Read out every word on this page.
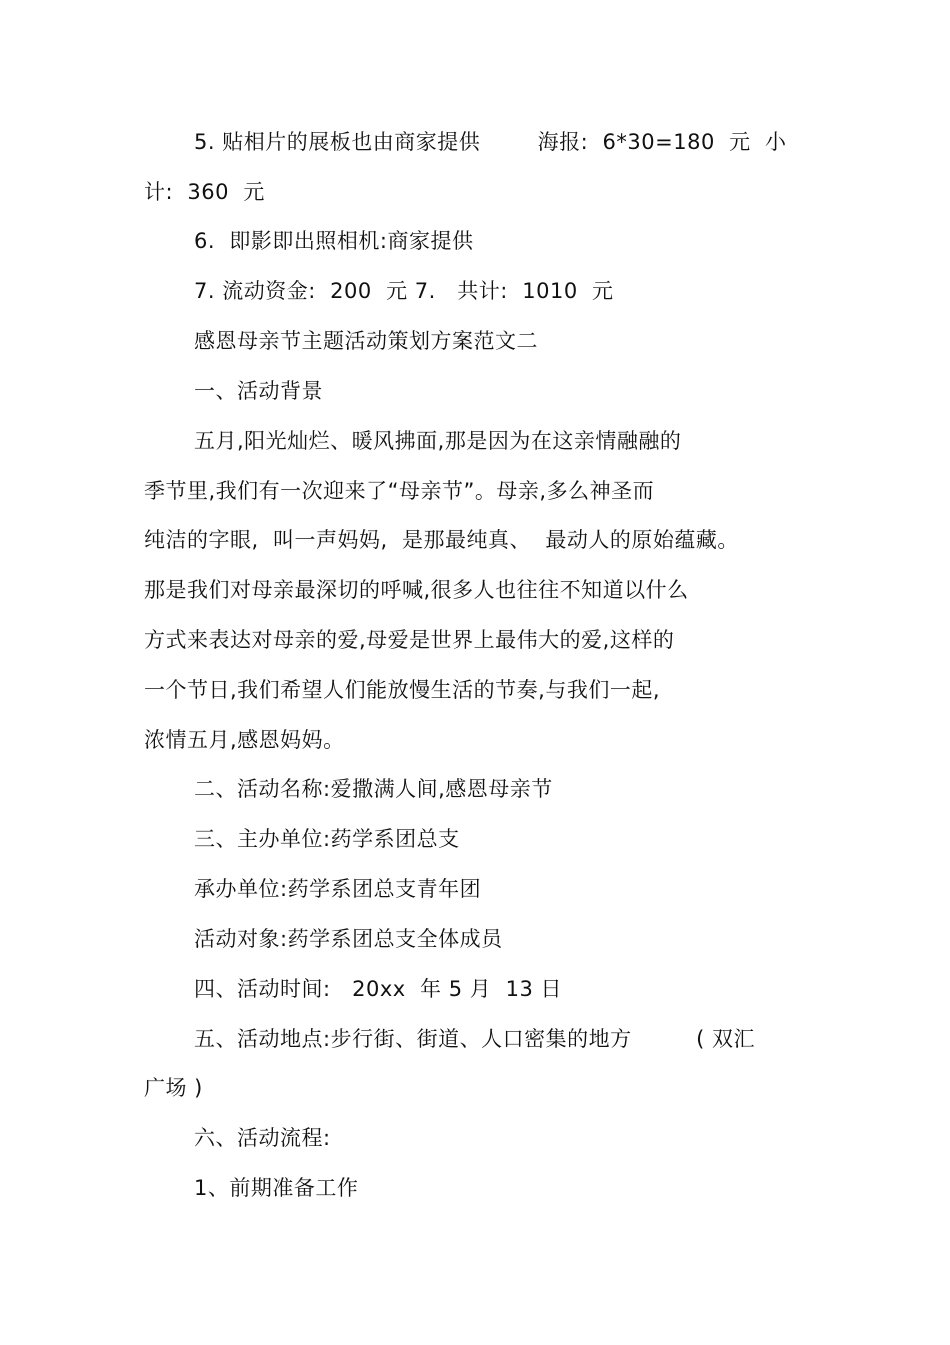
5. 贴相片的展板也由商家提供        海报:  6*30=180  元  小
计:  360  元
6.  即影即出照相机:商家提供
7. 流动资金:  200  元 7.   共计:  1010  元
感恩母亲节主题活动策划方案范文二
一、活动背景
五月,阳光灿烂、暖风拂面,那是因为在这亲情融融的
季节里,我们有一次迎来了“母亲节”。母亲,多么神圣而
纯洁的字眼,  叫一声妈妈,  是那最纯真、  最动人的原始蕴藏。
那是我们对母亲最深切的呼喊,很多人也往往不知道以什么
方式来表达对母亲的爱,母爱是世界上最伟大的爱,这样的
一个节日,我们希望人们能放慢生活的节奏,与我们一起,
浓情五月,感恩妈妈。
二、活动名称:爱撒满人间,感恩母亲节
三、主办单位:药学系团总支
承办单位:药学系团总支青年团
活动对象:药学系团总支全体成员
四、活动时间:   20xx  年 5 月  13 日
五、活动地点:步行街、街道、人口密集的地方         ( 双汇
广场 )
六、活动流程:
1、前期准备工作
